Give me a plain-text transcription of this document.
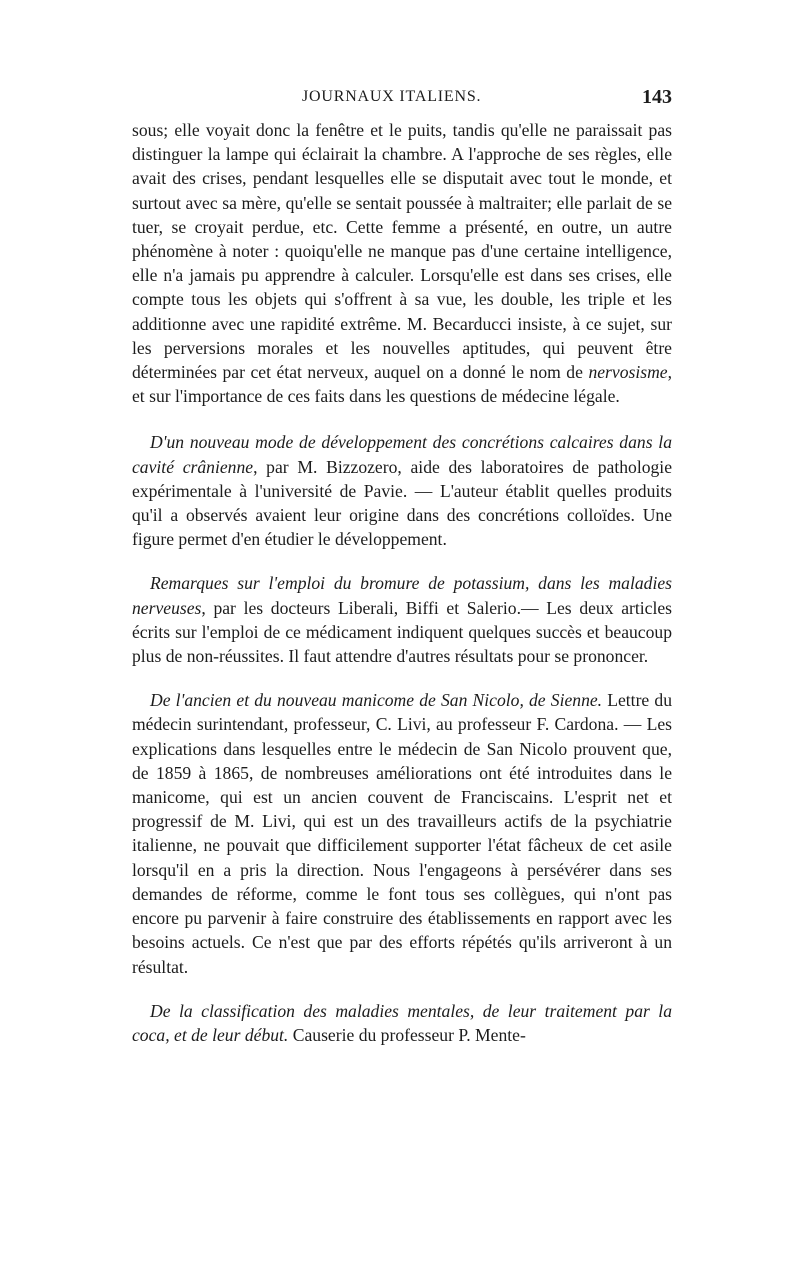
JOURNAUX ITALIENS.	143

sous; elle voyait donc la fenêtre et le puits, tandis qu'elle ne paraissait pas distinguer la lampe qui éclairait la chambre. A l'approche de ses règles, elle avait des crises, pendant lesquelles elle se disputait avec tout le monde, et surtout avec sa mère, qu'elle se sentait poussée à maltraiter; elle parlait de se tuer, se croyait perdue, etc. Cette femme a présenté, en outre, un autre phénomène à noter : quoiqu'elle ne manque pas d'une certaine intelligence, elle n'a jamais pu apprendre à calculer. Lorsqu'elle est dans ses crises, elle compte tous les objets qui s'offrent à sa vue, les double, les triple et les additionne avec une rapidité extrême. M. Becarducci insiste, à ce sujet, sur les perversions morales et les nouvelles aptitudes, qui peuvent être déterminées par cet état nerveux, auquel on a donné le nom de nervosisme, et sur l'importance de ces faits dans les questions de médecine légale.

D'un nouveau mode de développement des concrétions calcaires dans la cavité crânienne, par M. Bizzozero, aide des laboratoires de pathologie expérimentale à l'université de Pavie. — L'auteur établit quelles produits qu'il a observés avaient leur origine dans des concrétions colloïdes. Une figure permet d'en étudier le développement.

Remarques sur l'emploi du bromure de potassium, dans les maladies nerveuses, par les docteurs Liberali, Biffi et Salerio.— Les deux articles écrits sur l'emploi de ce médicament indiquent quelques succès et beaucoup plus de non-réussites. Il faut attendre d'autres résultats pour se prononcer.

De l'ancien et du nouveau manicome de San Nicolo, de Sienne. Lettre du médecin surintendant, professeur, C. Livi, au professeur F. Cardona. — Les explications dans lesquelles entre le médecin de San Nicolo prouvent que, de 1859 à 1865, de nombreuses améliorations ont été introduites dans le manicome, qui est un ancien couvent de Franciscains. L'esprit net et progressif de M. Livi, qui est un des travailleurs actifs de la psychiatrie italienne, ne pouvait que difficilement supporter l'état fâcheux de cet asile lorsqu'il en a pris la direction. Nous l'engageons à persévérer dans ses demandes de réforme, comme le font tous ses collègues, qui n'ont pas encore pu parvenir à faire construire des établissements en rapport avec les besoins actuels. Ce n'est que par des efforts répétés qu'ils arriveront à un résultat.

De la classification des maladies mentales, de leur traitement par la coca, et de leur début. Causerie du professeur P. Mente-
